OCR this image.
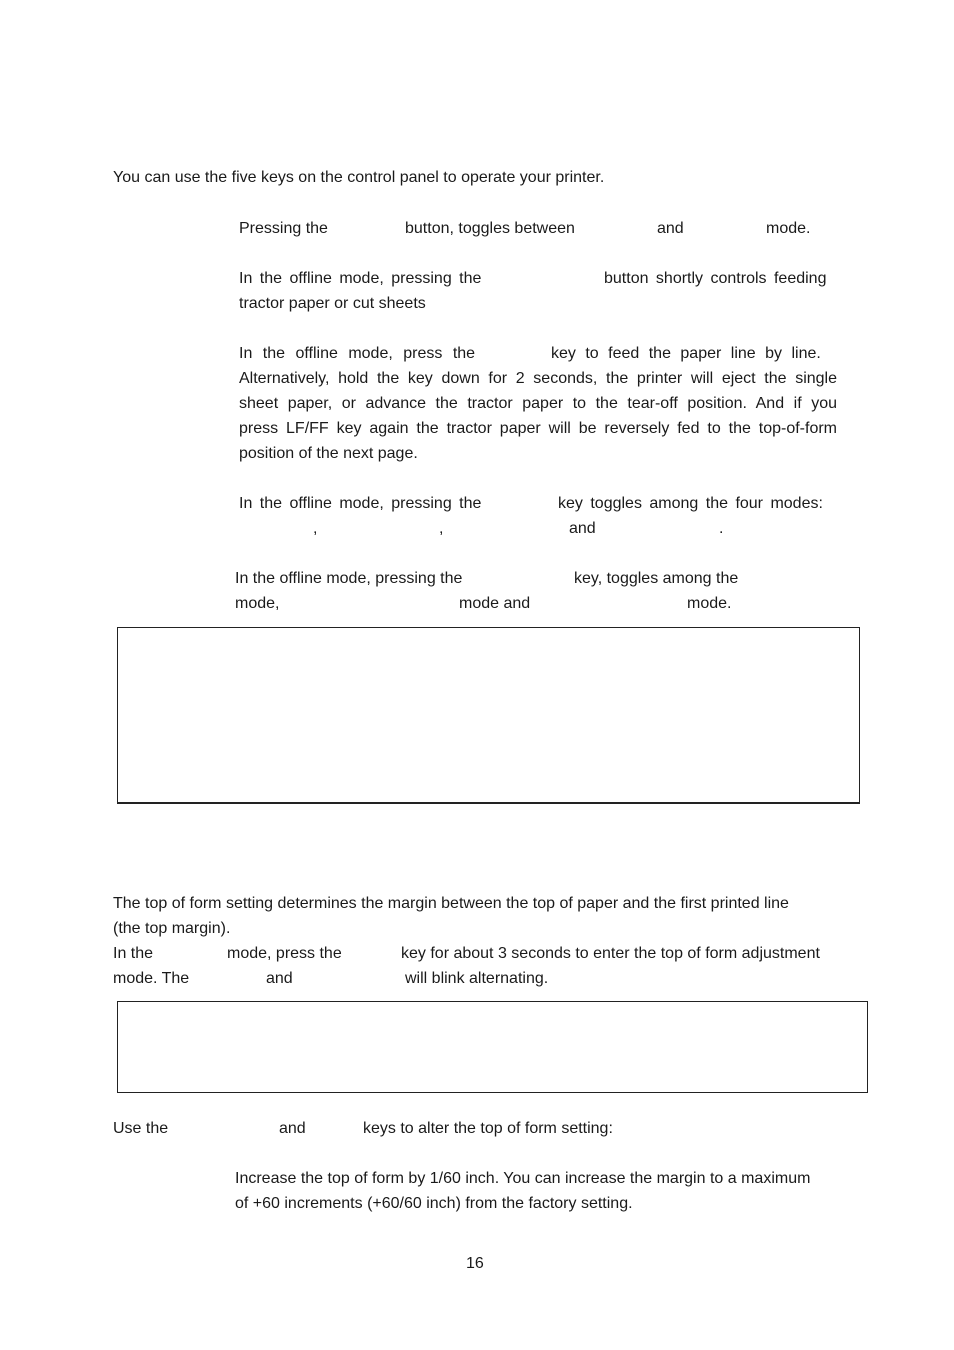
You can use the five keys on the control panel to operate your printer.
Pressing the	button, toggles between	and	mode.
In the offline mode, pressing the	button shortly controls feeding
tractor paper or cut sheets
In the offline mode, press the	key to feed the paper line by line.
Alternatively, hold the key down for 2 seconds, the printer will eject the single
sheet paper, or advance the tractor paper to the tear-off position. And if you
press LF/FF key again the tractor paper will be reversely fed to the top-of-form
position of the next page.
In the offline mode, pressing the	key toggles among the four modes:
,	,	and	.
In the offline mode, pressing the	key, toggles among the
mode,	mode and	mode.
The top of form setting determines the margin between the top of paper and the first printed line
(the top margin).
In the	mode, press the	key for about 3 seconds to enter the top of form adjustment
mode. The	and	will blink alternating.
Use the	and	keys to alter the top of form setting:
Increase the top of form by 1/60 inch. You can increase the margin to a maximum
of +60 increments (+60/60 inch) from the factory setting.
16
